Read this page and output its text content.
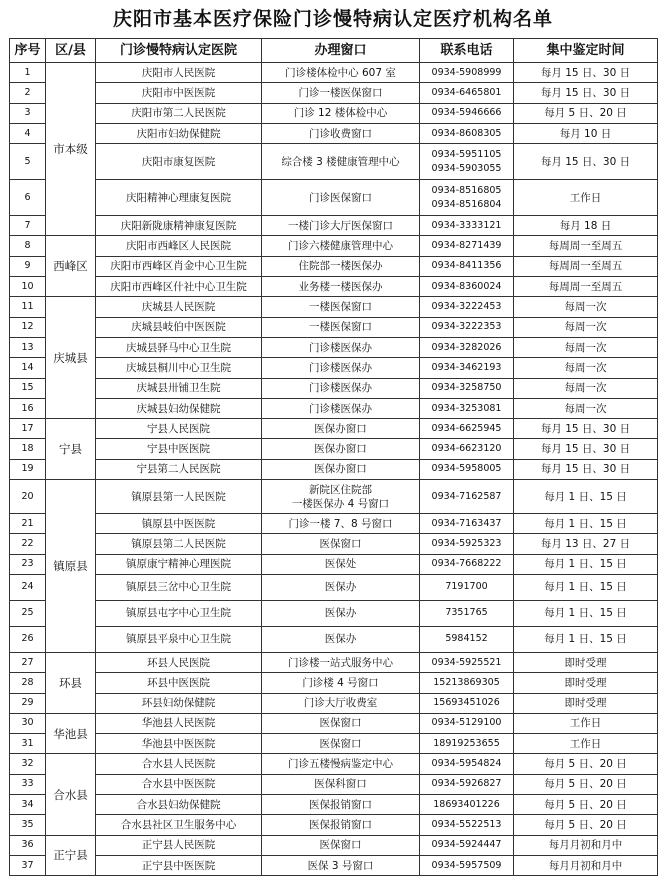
庆阳市基本医疗保险门诊慢特病认定医疗机构名单
序号	区/县	门诊慢特病认定医院	办理窗口	联系电话	集中鉴定时间
1	市本级	庆阳市人民医院	门诊楼体检中心 607 室	0934-5908999	每月 15 日、30 日
2		庆阳市中医医院	门诊一楼医保窗口	0934-6465801	每月 15 日、30 日
3		庆阳市第二人民医院	门诊 12 楼体检中心	0934-5946666	每月 5 日、20 日
4		庆阳市妇幼保健院	门诊收费窗口	0934-8608305	每月 10 日
5		庆阳市康复医院	综合楼 3 楼健康管理中心	0934-5951105
0934-5903055	每月 15 日、30 日
6		庆阳精神心理康复医院	门诊医保窗口	0934-8516805
0934-8516804	工作日
7		庆阳新陇康精神康复医院	一楼门诊大厅医保窗口	0934-3333121	每月 18 日
8	西峰区	庆阳市西峰区人民医院	门诊六楼健康管理中心	0934-8271439	每周周一至周五
9		庆阳市西峰区肖金中心卫生院	住院部一楼医保办	0934-8411356	每周周一至周五
10		庆阳市西峰区什社中心卫生院	业务楼一楼医保办	0934-8360024	每周周一至周五
11	庆城县	庆城县人民医院	一楼医保窗口	0934-3222453	每周一次
12		庆城县岐伯中医医院	一楼医保窗口	0934-3222353	每周一次
13		庆城县驿马中心卫生院	门诊楼医保办	0934-3282026	每周一次
14		庆城县桐川中心卫生院	门诊楼医保办	0934-3462193	每周一次
15		庆城县卅铺卫生院	门诊楼医保办	0934-3258750	每周一次
16		庆城县妇幼保健院	门诊楼医保办	0934-3253081	每周一次
17	宁县	宁县人民医院	医保办窗口	0934-6625945	每月 15 日、30 日
18		宁县中医医院	医保办窗口	0934-6623120	每月 15 日、30 日
19		宁县第二人民医院	医保办窗口	0934-5958005	每月 15 日、30 日
20	镇原县	镇原县第一人民医院	新院区住院部
一楼医保办 4 号窗口	0934-7162587	每月 1 日、15 日
21		镇原县中医医院	门诊一楼 7、8 号窗口	0934-7163437	每月 1 日、15 日
22		镇原县第二人民医院	医保窗口	0934-5925323	每月 13 日、27 日
23		镇原康宁精神心理医院	医保处	0934-7668222	每月 1 日、15 日
24		镇原县三岔中心卫生院	医保办	7191700	每月 1 日、15 日
25		镇原县屯字中心卫生院	医保办	7351765	每月 1 日、15 日
26		镇原县平泉中心卫生院	医保办	5984152	每月 1 日、15 日
27	环县	环县人民医院	门诊楼一站式服务中心	0934-5925521	即时受理
28		环县中医医院	门诊楼 4 号窗口	15213869305	即时受理
29		环县妇幼保健院	门诊大厅收费室	15693451026	即时受理
30	华池县	华池县人民医院	医保窗口	0934-5129100	工作日
31		华池县中医医院	医保窗口	18919253655	工作日
32	合水县	合水县人民医院	门诊五楼慢病鉴定中心	0934-5954824	每月 5 日、20 日
33		合水县中医医院	医保科窗口	0934-5926827	每月 5 日、20 日
34		合水县妇幼保健院	医保报销窗口	18693401226	每月 5 日、20 日
35		合水县社区卫生服务中心	医保报销窗口	0934-5522513	每月 5 日、20 日
36	正宁县	正宁县人民医院	医保窗口	0934-5924447	每月月初和月中
37		正宁县中医医院	医保 3 号窗口	0934-5957509	每月月初和月中
